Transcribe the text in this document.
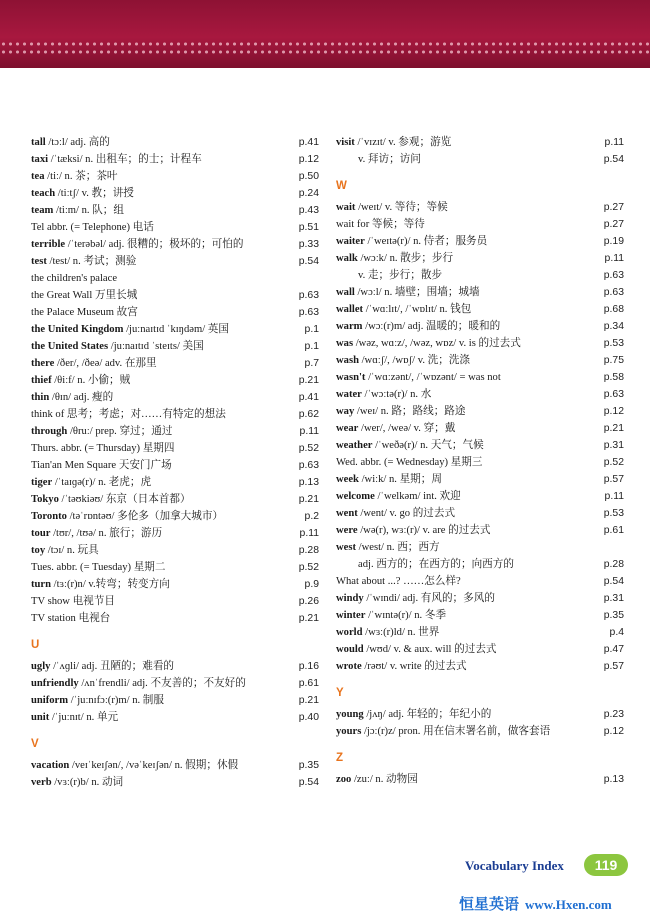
tall /tɔːl/ adj. 高的	p.41
taxi /ˈtæksi/ n. 出租车；的士；计程车	p.12
tea /tiː/ n. 茶；茶叶	p.50
teach /tiːtʃ/ v. 教；讲授	p.24
team /tiːm/ n. 队；组	p.43
Tel abbr. (= Telephone) 电话	p.51
terrible /ˈterəbəl/ adj. 很糟的；极坏的；可怕的	p.33
test /test/ n. 考试；测验	p.54
the children's palace
the Great Wall 万里长城	p.63
the Palace Museum 故宫	p.63
the United Kingdom /juːnaɪtɪd ˈkɪŋdəm/ 英国	p.1
the United States /juːnaɪtɪd ˈsteɪts/ 美国	p.1
there /ðer/, /ðeə/ adv. 在那里	p.7
thief /θiːf/ n. 小偷；贼	p.21
thin /θɪn/ adj. 瘦的	p.41
think of 思考；考虑；对……有特定的想法	p.62
through /θruː/ prep. 穿过；通过	p.11
Thurs. abbr. (= Thursday) 星期四	p.52
Tian'an Men Square 天安门广场	p.63
tiger /ˈtaɪɡə(r)/ n. 老虎；虎	p.13
Tokyo /ˈtəʊkiəʊ/ 东京（日本首都）	p.21
Toronto /təˈrɒntəʊ/ 多伦多（加拿大城市）	p.2
tour /tʊr/, /tʊə/ n. 旅行；游历	p.11
toy /tɔɪ/ n. 玩具	p.28
Tues. abbr. (= Tuesday) 星期二	p.52
turn /tɜː(r)n/ v.转弯；转变方向	p.9
TV show 电视节目	p.26
TV station 电视台	p.21
U
ugly /ˈʌɡli/ adj. 丑陋的；难看的	p.16
unfriendly /ʌnˈfrendli/ adj. 不友善的；不友好的	p.61
uniform /ˈjuːnɪfɔː(r)m/ n. 制服	p.21
unit /ˈjuːnɪt/ n. 单元	p.40
V
vacation /veɪˈkeɪʃən/, /vəˈkeɪʃən/ n. 假期；休假	p.35
verb /vɜː(r)b/ n. 动词	p.54
visit /ˈvɪzɪt/ v. 参观；游览	p.11
v. 拜访；访问	p.54
W
wait /weɪt/ v. 等待；等候	p.27
wait for 等候；等待	p.27
waiter /ˈweɪtə(r)/ n. 侍者；服务员	p.19
walk /wɔːk/ n. 散步；步行	p.11
v. 走；步行；散步	p.63
wall /wɔːl/ n. 墙壁；围墙；城墙	p.63
wallet /ˈwɑːlɪt/, /ˈwɒlɪt/ n. 钱包	p.68
warm /wɔː(r)m/ adj. 温暖的；暖和的	p.34
was /wəz, wɑːz/, /wəz, wɒz/ v. is 的过去式	p.53
wash /wɑːʃ/, /wɒʃ/ v. 洗；洗涤	p.75
wasn't /ˈwɑːzənt/, /ˈwɒzənt/ = was not	p.58
water /ˈwɔːtə(r)/ n. 水	p.63
way /weɪ/ n. 路；路线；路途	p.12
wear /wer/, /weə/ v. 穿；戴	p.21
weather /ˈweðə(r)/ n. 天气；气候	p.31
Wed. abbr. (= Wednesday) 星期三	p.52
week /wiːk/ n. 星期；周	p.57
welcome /ˈwelkəm/ int. 欢迎	p.11
went /went/ v. go 的过去式	p.53
were /wə(r), wɜː(r)/ v. are 的过去式	p.61
west /west/ n. 西；西方
adj. 西方的；在西方的；向西方的	p.28
What about ...? ……怎么样?	p.54
windy /ˈwɪndi/ adj. 有风的；多风的	p.31
winter /ˈwɪntə(r)/ n. 冬季	p.35
world /wɜː(r)ld/ n. 世界	p.4
would /wʊd/ v. & aux. will 的过去式	p.47
wrote /rəʊt/ v. write 的过去式	p.57
Y
young /jʌŋ/ adj. 年轻的；年纪小的	p.23
yours /jɔː(r)z/ pron. 用在信末署名前，做客套语	p.12
Z
zoo /zuː/ n. 动物园	p.13
Vocabulary Index	119
恒星英语 www.Hxen.com
